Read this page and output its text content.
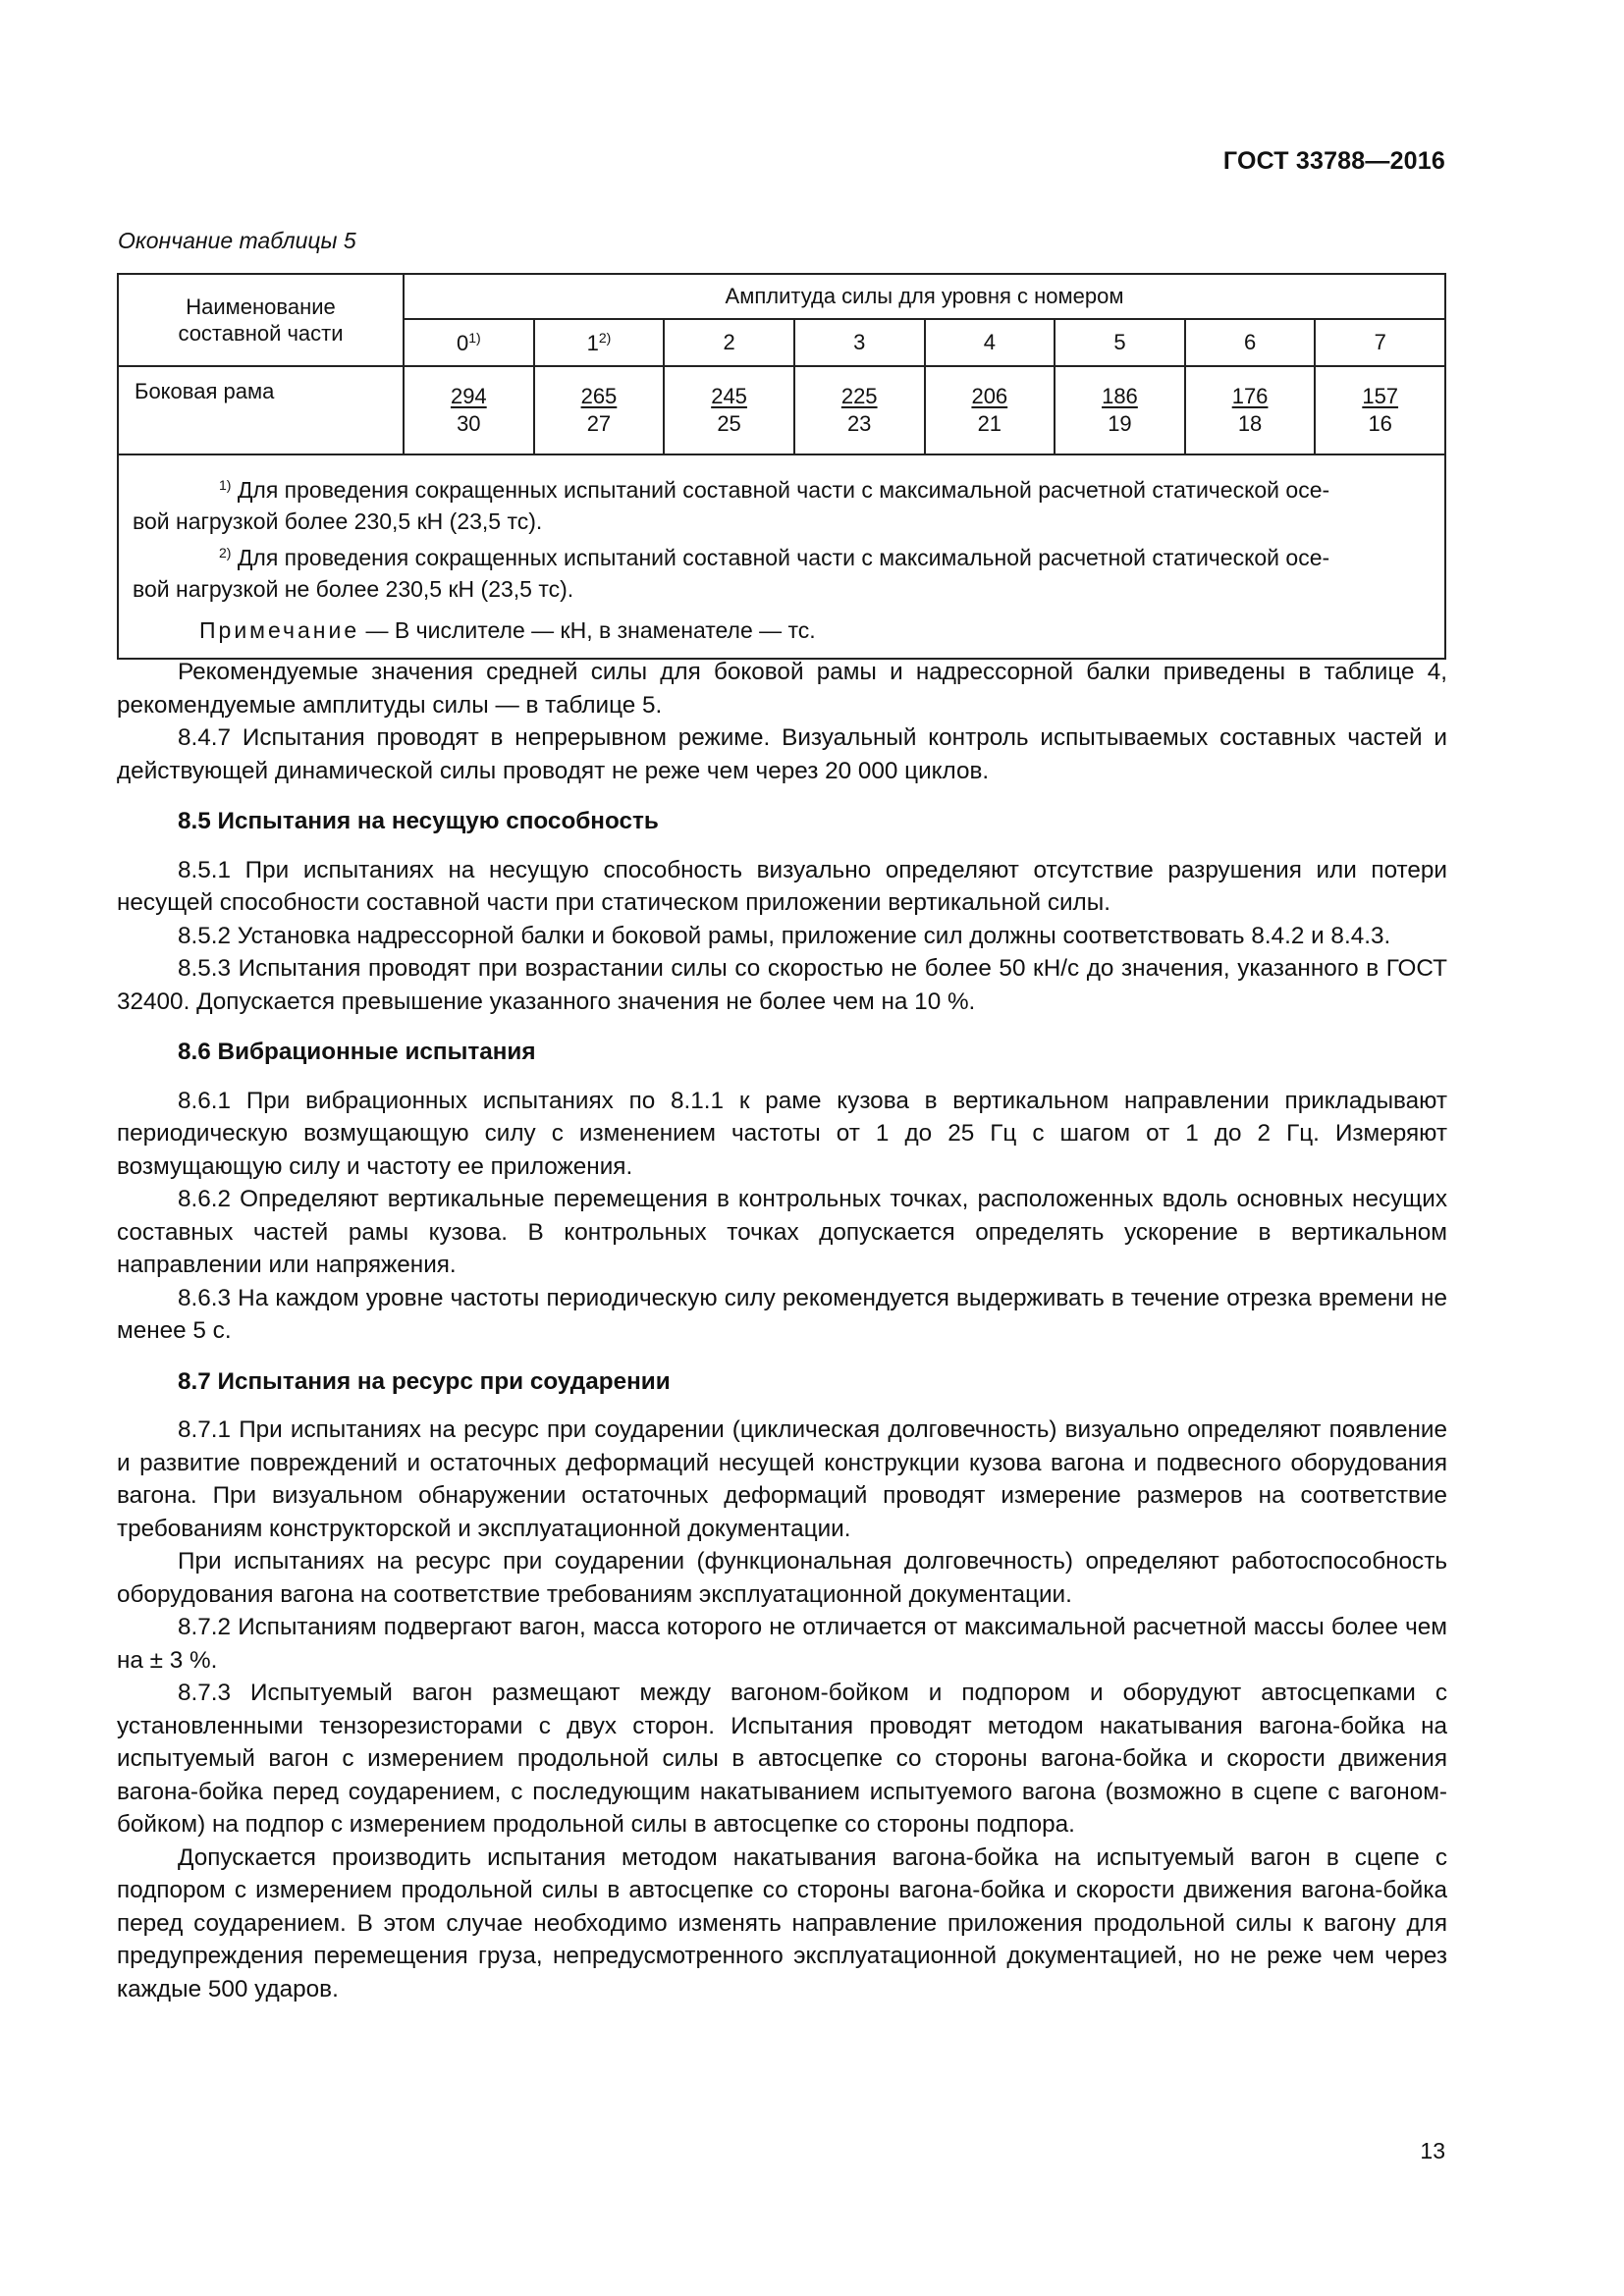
ГОСТ 33788—2016
Окончание таблицы 5
Наименование составной части	Амплитуда силы для уровня с номером							
	0$^{1)}$	1$^{2)}$	2	3	4	5	6	7
Боковая рама	$\frac{294}{30}$	$\frac{265}{27}$	$\frac{245}{25}$	$\frac{225}{23}$	$\frac{206}{21}$	$\frac{186}{19}$	$\frac{176}{18}$	$\frac{157}{16}$

$^{1)}$ Для проведения сокращенных испытаний составной части с максимальной расчетной статической осе-

вой нагрузкой более 230,5 кН (23,5 тс).

$^{2)}$ Для проведения сокращенных испытаний составной части с максимальной расчетной статической осе-

вой нагрузкой не более 230,5 кН (23,5 тс).

Примечание — В числителе — кН, в знаменателе — тс.								

Рекомендуемые значения средней силы для боковой рамы и надрессорной балки приведены в таблице 4, рекомендуемые амплитуды силы — в таблице 5.

8.4.7 Испытания проводят в непрерывном режиме. Визуальный контроль испытываемых составных частей и действующей динамической силы проводят не реже чем через 20 000 циклов.

8.5 Испытания на несущую способность

8.5.1 При испытаниях на несущую способность визуально определяют отсутствие разрушения или потери несущей способности составной части при статическом приложении вертикальной силы.

8.5.2 Установка надрессорной балки и боковой рамы, приложение сил должны соответствовать 8.4.2 и 8.4.3.

8.5.3 Испытания проводят при возрастании силы со скоростью не более 50 кН/с до значения, указанного в ГОСТ 32400. Допускается превышение указанного значения не более чем на 10 %.

8.6 Вибрационные испытания

8.6.1 При вибрационных испытаниях по 8.1.1 к раме кузова в вертикальном направлении прикладывают периодическую возмущающую силу с изменением частоты от 1 до 25 Гц с шагом от 1 до 2 Гц. Измеряют возмущающую силу и частоту ее приложения.

8.6.2 Определяют вертикальные перемещения в контрольных точках, расположенных вдоль основных несущих составных частей рамы кузова. В контрольных точках допускается определять ускорение в вертикальном направлении или напряжения.

8.6.3 На каждом уровне частоты периодическую силу рекомендуется выдерживать в течение отрезка времени не менее 5 с.

8.7 Испытания на ресурс при соударении

8.7.1 При испытаниях на ресурс при соударении (циклическая долговечность) визуально определяют появление и развитие повреждений и остаточных деформаций несущей конструкции кузова вагона и подвесного оборудования вагона. При визуальном обнаружении остаточных деформаций проводят измерение размеров на соответствие требованиям конструкторской и эксплуатационной документации.

При испытаниях на ресурс при соударении (функциональная долговечность) определяют работоспособность оборудования вагона на соответствие требованиям эксплуатационной документации.

8.7.2 Испытаниям подвергают вагон, масса которого не отличается от максимальной расчетной массы более чем на ± 3 %.

8.7.3 Испытуемый вагон размещают между вагоном-бойком и подпором и оборудуют автосцепками с установленными тензорезисторами с двух сторон. Испытания проводят методом накатывания вагона-бойка на испытуемый вагон с измерением продольной силы в автосцепке со стороны вагона-бойка и скорости движения вагона-бойка перед соударением, с последующим накатыванием испытуемого вагона (возможно в сцепе с вагоном-бойком) на подпор с измерением продольной силы в автосцепке со стороны подпора.

Допускается производить испытания методом накатывания вагона-бойка на испытуемый вагон в сцепе с подпором с измерением продольной силы в автосцепке со стороны вагона-бойка и скорости движения вагона-бойка перед соударением. В этом случае необходимо изменять направление приложения продольной силы к вагону для предупреждения перемещения груза, непредусмотренного эксплуатационной документацией, но не реже чем через каждые 500 ударов.

13
